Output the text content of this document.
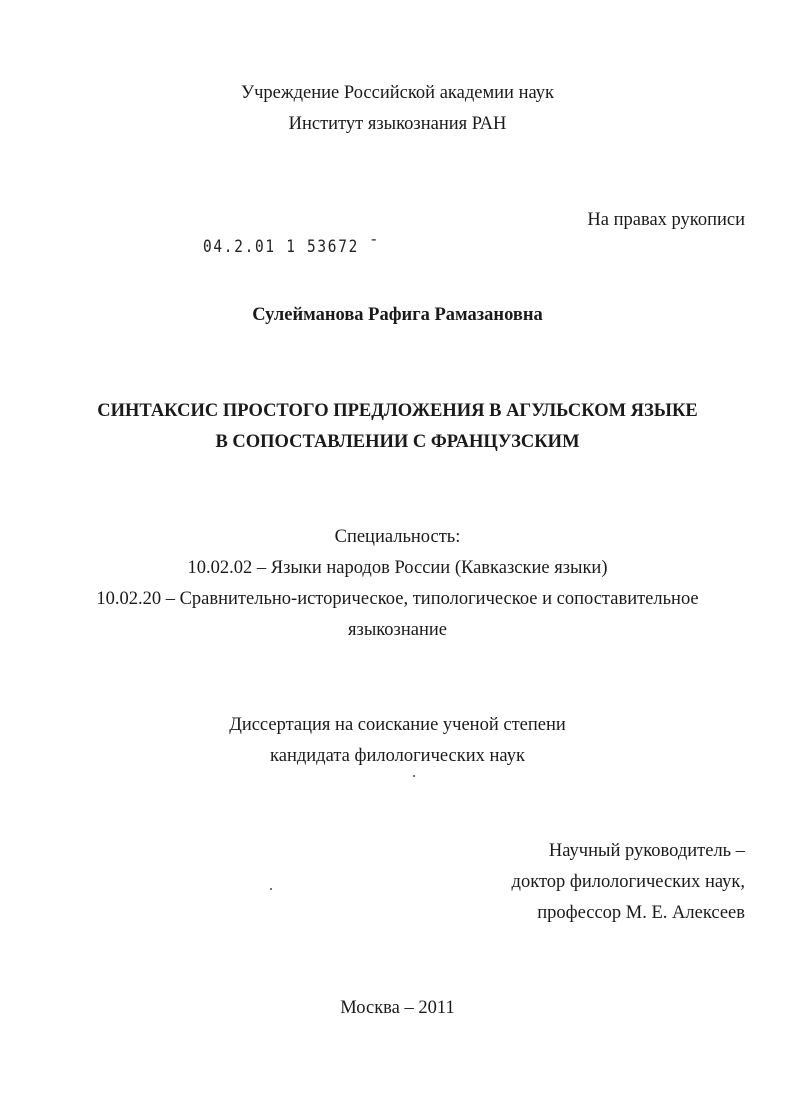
Учреждение Российской академии наук
Институт языкознания РАН
На правах рукописи
04.2.01 1 53672 ˉ
Сулейманова Рафига Рамазановна
СИНТАКСИС ПРОСТОГО ПРЕДЛОЖЕНИЯ В АГУЛЬСКОМ ЯЗЫКЕ
В СОПОСТАВЛЕНИИ С ФРАНЦУЗСКИМ
Специальность:
10.02.02 – Языки народов России (Кавказские языки)
10.02.20 – Сравнительно-историческое, типологическое и сопоставительное
языкознание
Диссертация на соискание ученой степени
кандидата филологических наук
Научный руководитель –
доктор филологических наук,
профессор М. Е. Алексеев
Москва – 2011
